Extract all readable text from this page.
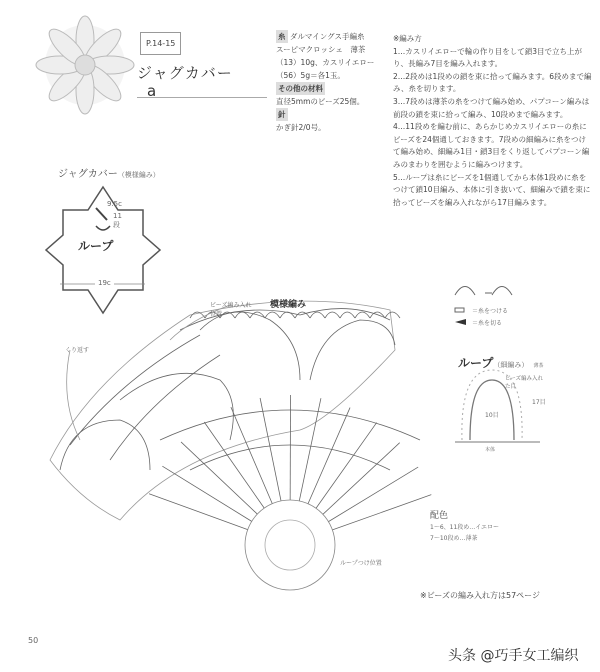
P.14-15
ジャグカバー
a
糸 ダルマイングス手編糸
スーピマクロッシェ　薄茶
（13）10g、カスリイエロー
（56）5g＝各1玉。
その他の材料
直径5mmのビーズ25個。
針
かぎ針2/0号。
※編み方
1…カスリイエローで輪の作り目をして鎖3目で立ち上がり、長編み7目を編み入れます。
2…2段めは1段めの鎖を束に拾って編みます。6段めまで編み、糸を切ります。
3…7段めは薄茶の糸をつけて編み始め、パプコーン編みは前段の鎖を束に拾って編み、10段めまで編みます。
4…11段めを編む前に、あらかじめカスリイエローの糸にビーズを24個通しておきます。7段めの細編みに糸をつけて編み始め、細編み1目・鎖3目をくり返してパプコーン編みのまわりを囲むように編みつけます。
5…ループは糸にビーズを1個通してから本体1段めに糸をつけて鎖10目編み、本体に引き抜いて、細編みで鎖を束に拾ってビーズを編み入れながら17目編みます。
ジャグカバー（模様編み）
9.5c
11段
ループ
19c
模様編み
ビーズ編み入れ位置
くり返す
ループつけ位置
＝糸をつける
＝糸を切る
ループ（細編み） 薄茶
ビーズ編み入れた目
17目
10目
本体
配色
1〜6、11段め…イエロー
7〜10段め…薄茶
※ビーズの編み入れ方は57ページ
50
头条 @巧手女工编织
